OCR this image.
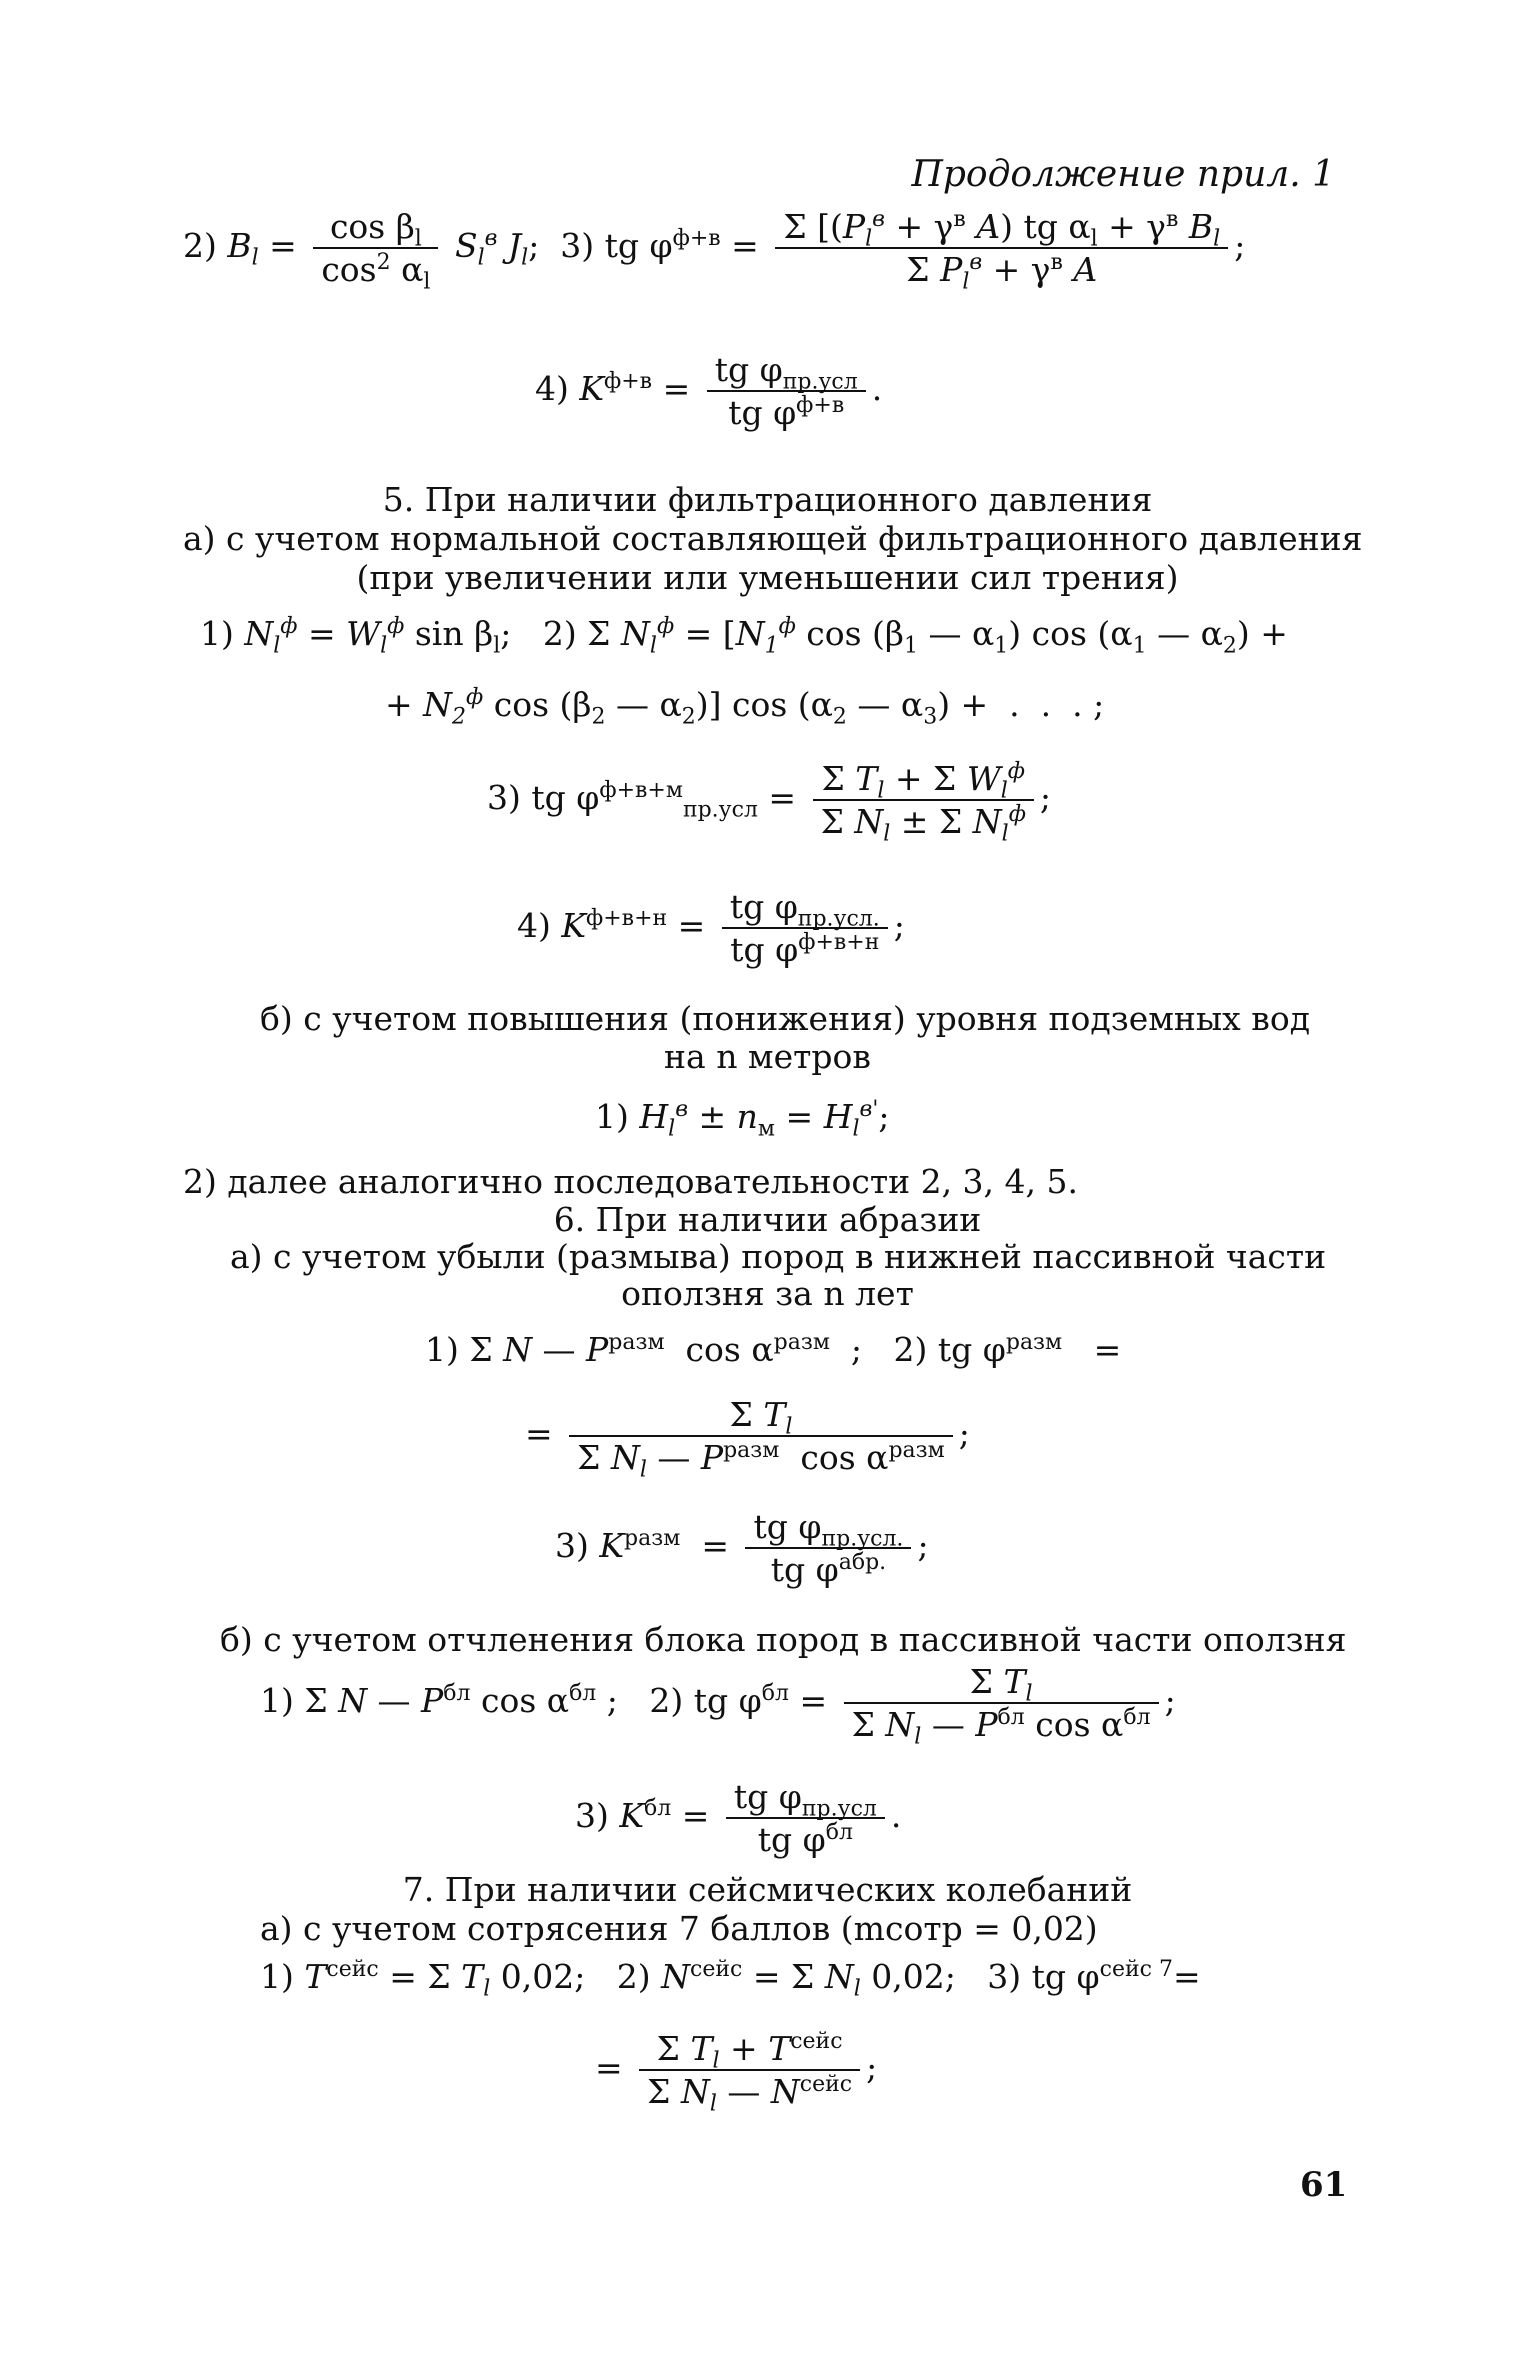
Продолжение прил. 1
2) $B_l = \frac{\cos \beta_l}{\cos^2 \alpha_l} S_l^в$ $J_l$;  3) tg $\varphi^{ф+в} = \Sigma$ [($P_l^в + \gamma^в$ A) tg $\alpha_l + \gamma^в$ $B_l$
Σ $P_l^в + \gamma^в$ A
;
4) $K^{ф+в}$ = tg $\varphi_{пр.усл}$
tg $\varphi^{ф+в}$ .
5. При наличии фильтрационного давления
а) с учетом нормальной составляющей фильтрационного давления
(при увеличении или уменьшении сил трения)
1) $N_l^ф = W_l^ф$ $\sin \beta_l$;   2) Σ $N_l^ф = [N_1^ф$ $\cos (\beta_1$ — $\alpha_1$) $\cos (\alpha_1$ — $\alpha_2$) +
+ $N_2^ф$ $\cos (\beta_2$ — $\alpha_2$)] $\cos (\alpha_2$ — $\alpha_3$) +  .  .  . ;
3) tg $\varphi^{ф+в+м}_{пр.усл} = \Sigma$ $T_l + \Sigma$ $W_l^ф$
Σ $N_l \pm \Sigma$ $N_l^ф$ ;
4) $K^{ф+в+н}$ = tg $\varphi_{пр.усл.}$
tg $\varphi^{ф+в+н}$ ;
б) с учетом повышения (понижения) уровня подземных вод
на n метров
1) $H_l^в \pm n_м = H_l^{в'}$;
2) далее аналогично последовательности 2, 3, 4, 5.
6. При наличии абразии
а) с учетом убыли (размыва) пород в нижней пассивной части
оползня за n лет
1) Σ N — $P^{разм}$  $\cos \alpha^{разм}$  ;   2) tg $\varphi^{разм}$   =
=	Σ $T_l$
Σ $N_l$ — $P^{разм}$  $\cos \alpha^{разм}$ ;
3) $K^{разм}$  = tg $\varphi_{пр.усл.}$
tg $\varphi^{абр.}$ ;
б) с учетом отчленения блока пород в пассивной части оползня
1) Σ N — $P^{бл}$ $\cos \alpha^{бл}$ ;   2) tg $\varphi^{бл}$ =	Σ $T_l$
Σ $N_l$ — $P^{бл}$ $\cos \alpha^{бл}$ ;
3) $K^{бл}$ = tg $\varphi_{пр.усл}$
tg $\varphi^{бл}$	.
7. При наличии сейсмических колебаний
а) с учетом сотрясения 7 баллов (mсотр = 0,02)
1) $T^{сейс} = \Sigma$ $T_l$ 0,02;   2) $N^{сейс} = \Sigma$ $N_l$ 0,02;   3) tg $\varphi^{сейс 7}=$
= Σ $T_l + T^{сейс}$
Σ $N_l$ — $N^{сейс}$ ;
61
